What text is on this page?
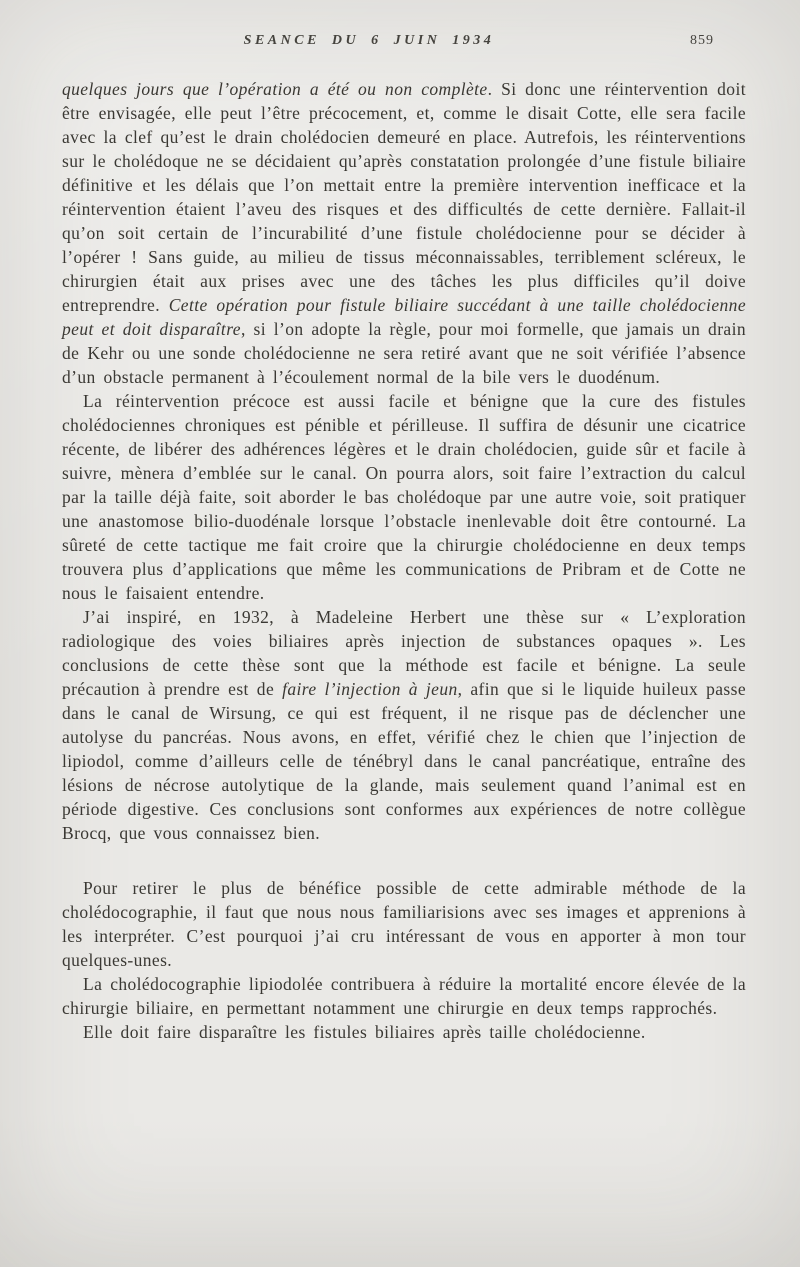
SEANCE DU 6 JUIN 1934	859

quelques jours que l’opération a été ou non complète. Si donc une réintervention doit être envisagée, elle peut l’être précocement, et, comme le disait Cotte, elle sera facile avec la clef qu’est le drain cholédocien demeuré en place. Autrefois, les réinterventions sur le cholédoque ne se décidaient qu’après constatation prolongée d’une fistule biliaire définitive et les délais que l’on mettait entre la première intervention inefficace et la réintervention étaient l’aveu des risques et des difficultés de cette dernière. Fallait-il qu’on soit certain de l’incurabilité d’une fistule cholédocienne pour se décider à l’opérer ! Sans guide, au milieu de tissus méconnaissables, terriblement scléreux, le chirurgien était aux prises avec une des tâches les plus difficiles qu’il doive entreprendre. Cette opération pour fistule biliaire succédant à une taille cholédocienne peut et doit disparaître, si l’on adopte la règle, pour moi formelle, que jamais un drain de Kehr ou une sonde cholédocienne ne sera retiré avant que ne soit vérifiée l’absence d’un obstacle permanent à l’écoulement normal de la bile vers le duodénum.

La réintervention précoce est aussi facile et bénigne que la cure des fistules cholédociennes chroniques est pénible et périlleuse. Il suffira de désunir une cicatrice récente, de libérer des adhérences légères et le drain cholédocien, guide sûr et facile à suivre, mènera d’emblée sur le canal. On pourra alors, soit faire l’extraction du calcul par la taille déjà faite, soit aborder le bas cholédoque par une autre voie, soit pratiquer une anastomose bilio-duodénale lorsque l’obstacle inenlevable doit être contourné. La sûreté de cette tactique me fait croire que la chirurgie cholédocienne en deux temps trouvera plus d’applications que même les communications de Pribram et de Cotte ne nous le faisaient entendre.

J’ai inspiré, en 1932, à Madeleine Herbert une thèse sur « L’exploration radiologique des voies biliaires après injection de substances opaques ». Les conclusions de cette thèse sont que la méthode est facile et bénigne. La seule précaution à prendre est de faire l’injection à jeun, afin que si le liquide huileux passe dans le canal de Wirsung, ce qui est fréquent, il ne risque pas de déclencher une autolyse du pancréas. Nous avons, en effet, vérifié chez le chien que l’injection de lipiodol, comme d’ailleurs celle de ténébryl dans le canal pancréatique, entraîne des lésions de nécrose autolytique de la glande, mais seulement quand l’animal est en période digestive. Ces conclusions sont conformes aux expériences de notre collègue Brocq, que vous connaissez bien.

Pour retirer le plus de bénéfice possible de cette admirable méthode de la cholédocographie, il faut que nous nous familiarisions avec ses images et apprenions à les interpréter. C’est pourquoi j’ai cru intéressant de vous en apporter à mon tour quelques-unes.

La cholédocographie lipiodolée contribuera à réduire la mortalité encore élevée de la chirurgie biliaire, en permettant notamment une chirurgie en deux temps rapprochés.

Elle doit faire disparaître les fistules biliaires après taille cholédocienne.
